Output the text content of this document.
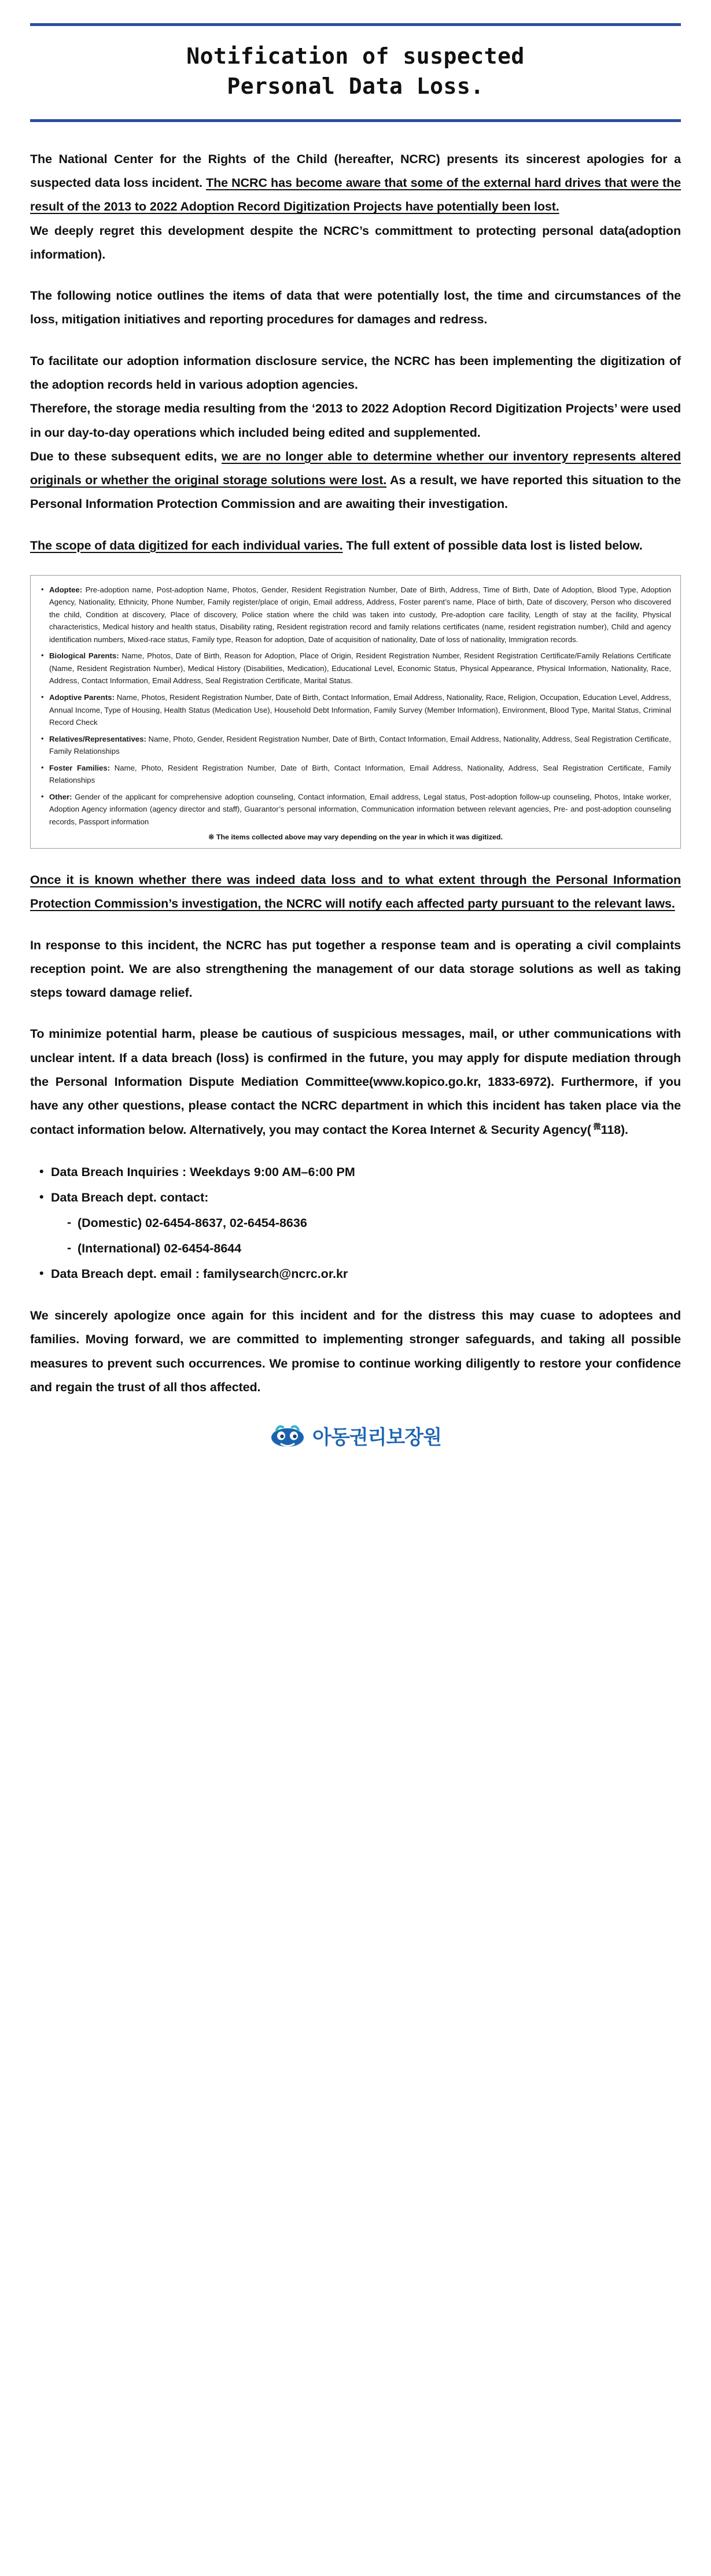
Notification of suspected
Personal Data Loss.

The National Center for the Rights of the Child (hereafter, NCRC) presents its sincerest apologies for a suspected data loss incident. The NCRC has become aware that some of the external hard drives that were the result of the 2013 to 2022 Adoption Record Digitization Projects have potentially been lost.

We deeply regret this development despite the NCRC’s committment to protecting personal data(adoption information).

The following notice outlines the items of data that were potentially lost, the time and circumstances of the loss, mitigation initiatives and reporting procedures for damages and redress.

To facilitate our adoption information disclosure service, the NCRC has been implementing the digitization of the adoption records held in various adoption agencies.

Therefore, the storage media resulting from the ‘2013 to 2022 Adoption Record Digitization Projects’ were used in our day-to-day operations which included being edited and supplemented.

Due to these subsequent edits, we are no longer able to determine whether our inventory represents altered originals or whether the original storage solutions were lost. As a result, we have reported this situation to the Personal Information Protection Commission and are awaiting their investigation.

The scope of data digitized for each individual varies. The full extent of possible data lost is listed below.

• Adoptee: Pre-adoption name, Post-adoption Name, Photos, Gender, Resident Registration Number, Date of Birth, Address, Time of Birth, Date of Adoption, Blood Type, Adoption Agency, Nationality, Ethnicity, Phone Number, Family register/place of origin, Email address, Address, Foster parent’s name, Place of birth, Date of discovery, Person who discovered the child, Condition at discovery, Place of discovery, Police station where the child was taken into custody, Pre-adoption care facility, Length of stay at the facility, Physical characteristics, Medical history and health status, Disability rating, Resident registration record and family relations certificates (name, resident registration number), Child and agency identification numbers, Mixed-race status, Family type, Reason for adoption, Date of acquisition of nationality, Date of loss of nationality, Immigration records.
• Biological Parents: Name, Photos, Date of Birth, Reason for Adoption, Place of Origin, Resident Registration Number, Resident Registration Certificate/Family Relations Certificate (Name, Resident Registration Number), Medical History (Disabilities, Medication), Educational Level, Economic Status, Physical Appearance, Physical Information, Nationality, Race, Address, Contact Information, Email Address, Seal Registration Certificate, Marital Status.
• Adoptive Parents: Name, Photos, Resident Registration Number, Date of Birth, Contact Information, Email Address, Nationality, Race, Religion, Occupation, Education Level, Address, Annual Income, Type of Housing, Health Status (Medication Use), Household Debt Information, Family Survey (Member Information), Environment, Blood Type, Marital Status, Criminal Record Check
• Relatives/Representatives: Name, Photo, Gender, Resident Registration Number, Date of Birth, Contact Information, Email Address, Nationality, Address, Seal Registration Certificate, Family Relationships
• Foster Families: Name, Photo, Resident Registration Number, Date of Birth, Contact Information, Email Address, Nationality, Address, Seal Registration Certificate, Family Relationships
• Other: Gender of the applicant for comprehensive adoption counseling, Contact information, Email address, Legal status, Post-adoption follow-up counseling, Photos, Intake worker, Adoption Agency information (agency director and staff), Guarantor’s personal information, Communication information between relevant agencies, Pre- and post-adoption counseling records, Passport information
※ The items collected above may vary depending on the year in which it was digitized.

Once it is known whether there was indeed data loss and to what extent through the Personal Information Protection Commission’s investigation, the NCRC will notify each affected party pursuant to the relevant laws.

In response to this incident, the NCRC has put together a response team and is operating a civil complaints reception point. We are also strengthening the management of our data storage solutions as well as taking steps toward damage relief.

To minimize potential harm, please be cautious of suspicious messages, mail, or uther communications with unclear intent. If a data breach (loss) is confirmed in the future, you may apply for dispute mediation through the Personal Information Dispute Mediation Committee(www.kopico.go.kr, 1833-6972). Furthermore, if you have any other questions, please contact the NCRC department in which this incident has taken place via the contact information below. Alternatively, you may contact the Korea Internet & Security Agency( $^微$118).

• Data Breach Inquiries : Weekdays 9:00 AM–6:00 PM
• Data Breach dept. contact:
- (Domestic) 02-6454-8637, 02-6454-8636
- (International) 02-6454-8644
• Data Breach dept. email : familysearch@ncrc.or.kr

We sincerely apologize once again for this incident and for the distress this may cuase to adoptees and families. Moving forward, we are committed to implementing stronger safeguards, and taking all possible measures to prevent such occurrences. We promise to continue working diligently to restore your confidence and regain the trust of all thos affected.

아동권리보장원
